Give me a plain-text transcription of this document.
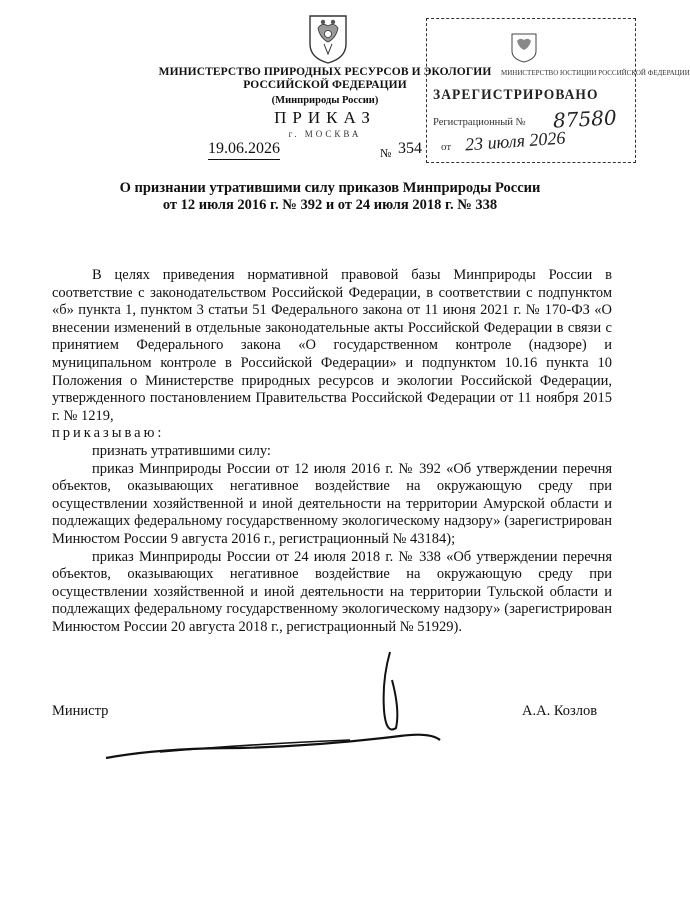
МИНИСТЕРСТВО ПРИРОДНЫХ РЕСУРСОВ И ЭКОЛОГИИ
РОССИЙСКОЙ ФЕДЕРАЦИИ
(Минприроды России)
ПРИКАЗ
г. МОСКВА
19.06.2026	№ 354
МИНИСТЕРСТВО ЮСТИЦИИ РОССИЙСКОЙ ФЕДЕРАЦИИ
ЗАРЕГИСТРИРОВАНО
Регистрационный № 87580
от 23 июля 2026
О признании утратившими силу приказов Минприроды России
от 12 июля 2016 г. № 392 и от 24 июля 2018 г. № 338

В целях приведения нормативной правовой базы Минприроды России в соответствие с законодательством Российской Федерации, в соответствии с подпунктом «б» пункта 1, пунктом 3 статьи 51 Федерального закона от 11 июня 2021 г. № 170-ФЗ «О внесении изменений в отдельные законодательные акты Российской Федерации в связи с принятием Федерального закона «О государственном контроле (надзоре) и муниципальном контроле в Российской Федерации» и подпунктом 10.16 пункта 10 Положения о Министерстве природных ресурсов и экологии Российской Федерации, утвержденного постановлением Правительства Российской Федерации от 11 ноября 2015 г. № 1219,

приказываю:

признать утратившими силу:

приказ Минприроды России от 12 июля 2016 г. № 392 «Об утверждении перечня объектов, оказывающих негативное воздействие на окружающую среду при осуществлении хозяйственной и иной деятельности на территории Амурской области и подлежащих федеральному государственному экологическому надзору» (зарегистрирован Минюстом России 9 августа 2016 г., регистрационный № 43184);

приказ Минприроды России от 24 июля 2018 г. № 338 «Об утверждении перечня объектов, оказывающих негативное воздействие на окружающую среду при осуществлении хозяйственной и иной деятельности на территории Тульской области и подлежащих федеральному государственному экологическому надзору» (зарегистрирован Минюстом России 20 августа 2018 г., регистрационный № 51929).

Министр	А.А. Козлов
